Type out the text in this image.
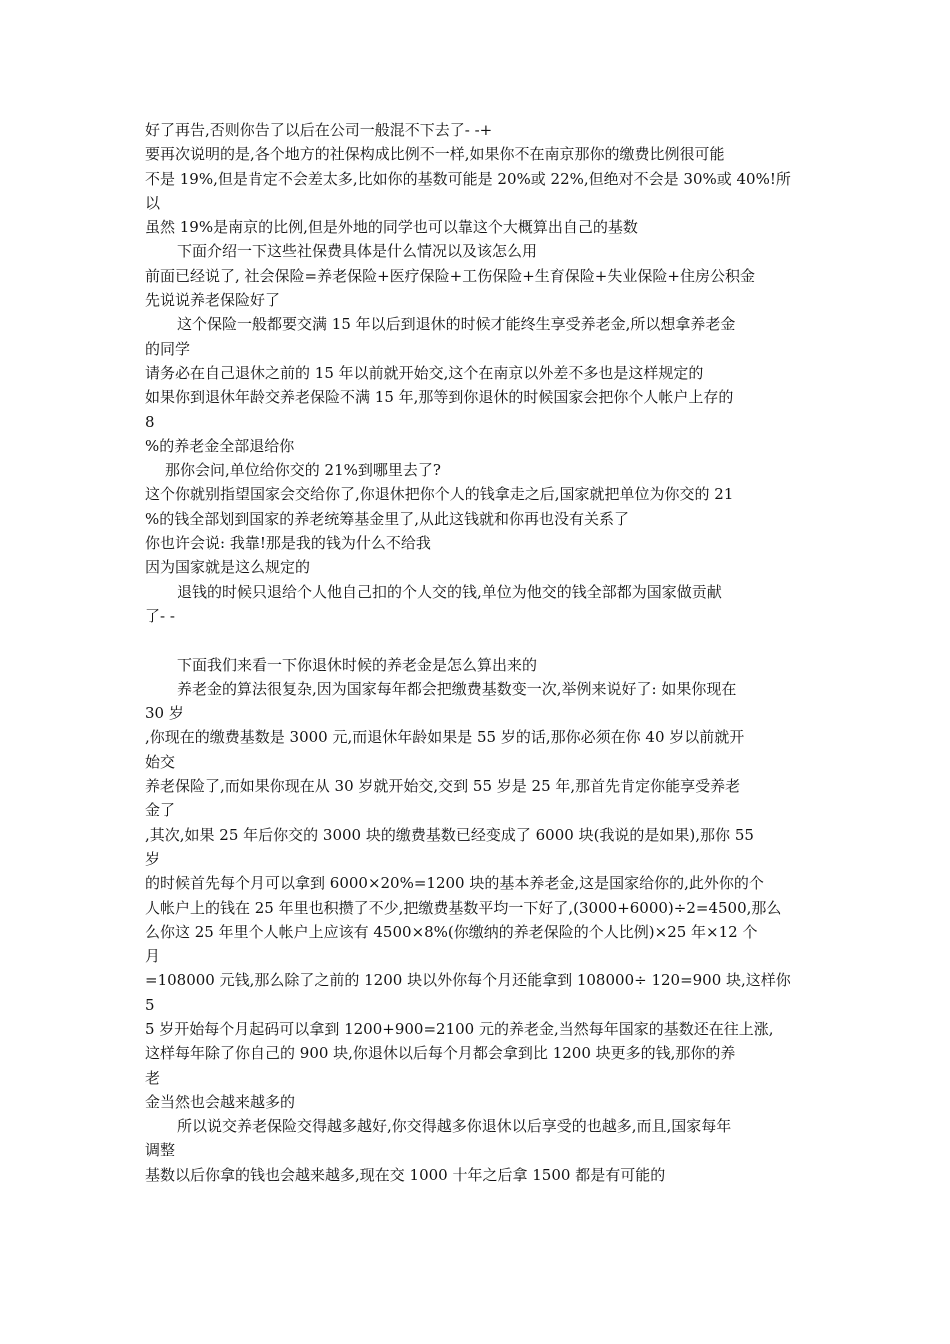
好了再告,否则你告了以后在公司一般混不下去了- -+
要再次说明的是,各个地方的社保构成比例不一样,如果你不在南京那你的缴费比例很可能
不是 19%,但是肯定不会差太多,比如你的基数可能是 20%或 22%,但绝对不会是 30%或 40%!所
以
虽然 19%是南京的比例,但是外地的同学也可以靠这个大概算出自己的基数
下面介绍一下这些社保费具体是什么情况以及该怎么用
前面已经说了, 社会保险=养老保险+医疗保险+工伤保险+生育保险+失业保险+住房公积金
先说说养老保险好了
这个保险一般都要交满 15 年以后到退休的时候才能终生享受养老金,所以想拿养老金
的同学
请务必在自己退休之前的 15 年以前就开始交,这个在南京以外差不多也是这样规定的
如果你到退休年龄交养老保险不满 15 年,那等到你退休的时候国家会把你个人帐户上存的
8
%的养老金全部退给你
那你会问,单位给你交的 21%到哪里去了?
这个你就别指望国家会交给你了,你退休把你个人的钱拿走之后,国家就把单位为你交的 21
%的钱全部划到国家的养老统筹基金里了,从此这钱就和你再也没有关系了
你也许会说: 我靠!那是我的钱为什么不给我
因为国家就是这么规定的
退钱的时候只退给个人他自己扣的个人交的钱,单位为他交的钱全部都为国家做贡献
了- -
下面我们来看一下你退休时候的养老金是怎么算出来的
养老金的算法很复杂,因为国家每年都会把缴费基数变一次,举例来说好了: 如果你现在
30 岁
,你现在的缴费基数是 3000 元,而退休年龄如果是 55 岁的话,那你必须在你 40 岁以前就开
始交
养老保险了,而如果你现在从 30 岁就开始交,交到 55 岁是 25 年,那首先肯定你能享受养老
金了
,其次,如果 25 年后你交的 3000 块的缴费基数已经变成了 6000 块(我说的是如果),那你 55
岁
的时候首先每个月可以拿到 6000×20%=1200 块的基本养老金,这是国家给你的,此外你的个
人帐户上的钱在 25 年里也积攒了不少,把缴费基数平均一下好了,(3000+6000)÷2=4500,那么
么你这 25 年里个人帐户上应该有 4500×8%(你缴纳的养老保险的个人比例)×25 年×12 个
月
=108000 元钱,那么除了之前的 1200 块以外你每个月还能拿到 108000÷ 120=900 块,这样你
5
5 岁开始每个月起码可以拿到 1200+900=2100 元的养老金,当然每年国家的基数还在往上涨,
这样每年除了你自己的 900 块,你退休以后每个月都会拿到比 1200 块更多的钱,那你的养
老
金当然也会越来越多的
所以说交养老保险交得越多越好,你交得越多你退休以后享受的也越多,而且,国家每年
调整
基数以后你拿的钱也会越来越多,现在交 1000 十年之后拿 1500 都是有可能的
